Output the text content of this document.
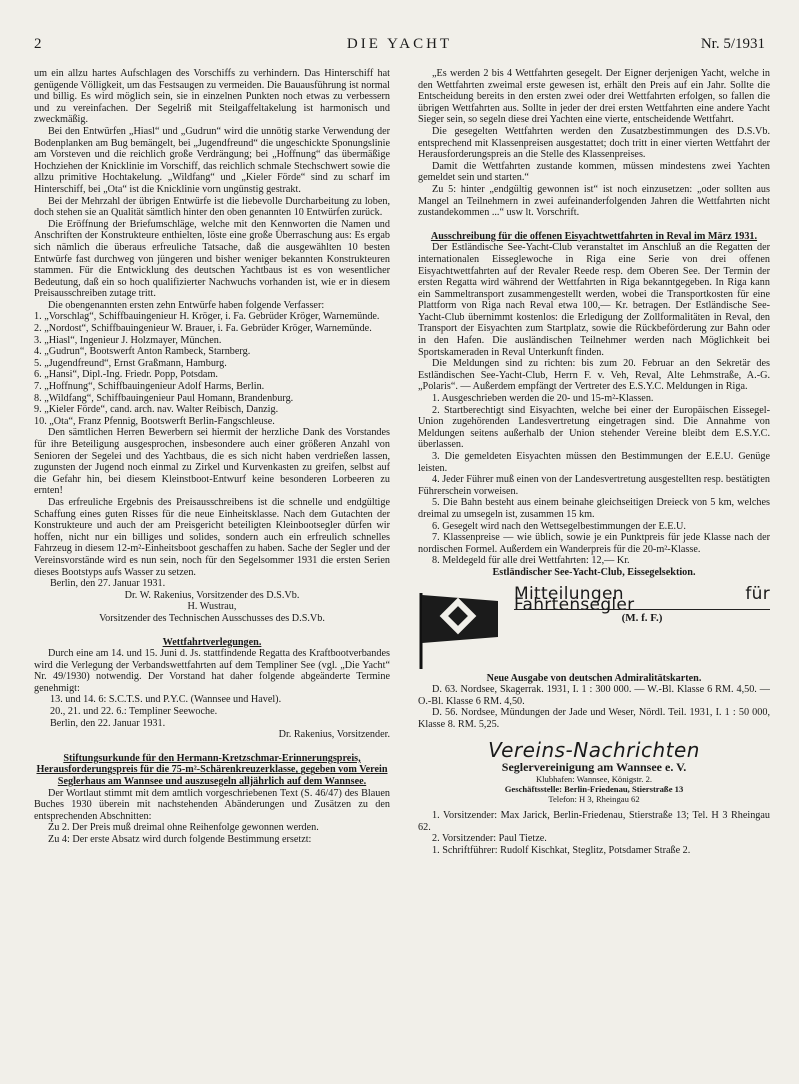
2	DIE YACHT	Nr. 5/1931

um ein allzu hartes Aufschlagen des Vorschiffs zu verhindern. Das Hinterschiff hat genügende Völligkeit, um das Festsaugen zu vermeiden. Die Bauausführung ist normal und billig. Es wird möglich sein, sie in einzelnen Punkten noch etwas zu verbessern und zu vereinfachen. Der Segelriß mit Steilgaffeltakelung ist harmonisch und zweckmäßig.

Bei den Entwürfen „Hiasl“ und „Gudrun“ wird die unnötig starke Verwendung der Bodenplanken am Bug bemängelt, bei „Jugendfreund“ die ungeschickte Sponungslinie am Vorsteven und die reichlich große Verdrängung; bei „Hoffnung“ das übermäßige Hochziehen der Knicklinie im Vorschiff, das reichlich schmale Stechschwert sowie die allzu primitive Hochtakelung. „Wildfang“ und „Kieler Förde“ sind zu scharf im Hinterschiff, bei „Ota“ ist die Knicklinie vorn ungünstig gestrakt.

Bei der Mehrzahl der übrigen Entwürfe ist die liebevolle Durcharbeitung zu loben, doch stehen sie an Qualität sämtlich hinter den oben genannten 10 Entwürfen zurück.

Die Eröffnung der Briefumschläge, welche mit den Kennworten die Namen und Anschriften der Konstrukteure enthielten, löste eine große Überraschung aus: Es ergab sich nämlich die überaus erfreuliche Tatsache, daß die ausgewählten 10 besten Entwürfe fast durchweg von jüngeren und bisher weniger bekannten Konstrukteuren stammen. Für die Entwicklung des deutschen Yachtbaus ist es von wesentlicher Bedeutung, daß ein so hoch qualifizierter Nachwuchs vorhanden ist, wie er in diesem Preisausschreiben zutage tritt.

Die obengenannten ersten zehn Entwürfe haben folgende Verfasser:

1. „Vorschlag“, Schiffbauingenieur H. Kröger, i. Fa. Gebrüder Kröger, Warnemünde.
2. „Nordost“, Schiffbauingenieur W. Brauer, i. Fa. Gebrüder Kröger, Warnemünde.
3. „Hiasl“, Ingenieur J. Holzmayer, München.
4. „Gudrun“, Bootswerft Anton Rambeck, Starnberg.
5. „Jugendfreund“, Ernst Graßmann, Hamburg.
6. „Hansi“, Dipl.-Ing. Friedr. Popp, Potsdam.
7. „Hoffnung“, Schiffbauingenieur Adolf Harms, Berlin.
8. „Wildfang“, Schiffbauingenieur Paul Homann, Brandenburg.
9. „Kieler Förde“, cand. arch. nav. Walter Reibisch, Danzig.
10. „Ota“, Franz Pfennig, Bootswerft Berlin-Fangschleuse.

Den sämtlichen Herren Bewerbern sei hiermit der herzliche Dank des Vorstandes für ihre Beteiligung ausgesprochen, insbesondere auch einer größeren Anzahl von Senioren der Segelei und des Yachtbaus, die es sich nicht haben verdrießen lassen, zugunsten der Jugend noch einmal zu Zirkel und Kurvenkasten zu greifen, selbst auf die Gefahr hin, bei diesem Kleinstboot-Entwurf keine besonderen Lorbeeren zu ernten!

Das erfreuliche Ergebnis des Preisausschreibens ist die schnelle und endgültige Schaffung eines guten Risses für die neue Einheitsklasse. Nach dem Gutachten der Konstrukteure und auch der am Preisgericht beteiligten Kleinbootsegler dürfen wir hoffen, nicht nur ein billiges und solides, sondern auch ein erfreulich schnelles Fahrzeug in diesem 12-m²-Einheitsboot geschaffen zu haben. Sache der Segler und der Vereinsvorstände wird es nun sein, noch für den Segelsommer 1931 die ersten Serien dieses Bootstyps aufs Wasser zu setzen.

Berlin, den 27. Januar 1931.
Dr. W. Rakenius, Vorsitzender des D.S.Vb.
H. Wustrau,
Vorsitzender des Technischen Ausschusses des D.S.Vb.
Wettfahrtverlegungen.

Durch eine am 14. und 15. Juni d. Js. stattfindende Regatta des Kraftbootverbandes wird die Verlegung der Verbandswettfahrten auf dem Templiner See (vgl. „Die Yacht“ Nr. 49/1930) notwendig. Der Vorstand hat daher folgende abgeänderte Termine genehmigt:

13. und 14. 6: S.C.T.S. und P.Y.C. (Wannsee und Havel).
20., 21. und 22. 6.: Templiner Seewoche.
Berlin, den 22. Januar 1931.
Dr. Rakenius, Vorsitzender.
Stiftungsurkunde für den Hermann-Kretzschmar-Erinnerungspreis, Herausforderungspreis für die 75-m²-Schärenkreuzerklasse, gegeben vom Verein Seglerhaus am Wannsee und auszusegeln alljährlich auf dem Wannsee.

Der Wortlaut stimmt mit dem amtlich vorgeschriebenen Text (S. 46/47) des Blauen Buches 1930 überein mit nachstehenden Abänderungen und Zusätzen zu den entsprechenden Abschnitten:

Zu 2. Der Preis muß dreimal ohne Reihenfolge gewonnen werden.

Zu 4: Der erste Absatz wird durch folgende Bestimmung ersetzt:

„Es werden 2 bis 4 Wettfahrten gesegelt. Der Eigner derjenigen Yacht, welche in den Wettfahrten zweimal erste gewesen ist, erhält den Preis auf ein Jahr. Sollte die Entscheidung bereits in den ersten zwei oder drei Wettfahrten erfolgen, so fallen die übrigen Wettfahrten aus. Sollte in jeder der drei ersten Wettfahrten eine andere Yacht Sieger sein, so segeln diese drei Yachten eine vierte, entscheidende Wettfahrt.

Die gesegelten Wettfahrten werden den Zusatzbestimmungen des D.S.Vb. entsprechend mit Klassenpreisen ausgestattet; doch tritt in einer vierten Wettfahrt der Herausforderungspreis an die Stelle des Klassenpreises.

Damit die Wettfahrten zustande kommen, müssen mindestens zwei Yachten gemeldet sein und starten.“

Zu 5: hinter „endgültig gewonnen ist“ ist noch einzusetzen: „oder sollten aus Mangel an Teilnehmern in zwei aufeinanderfolgenden Jahren die Wettfahrten nicht zustandekommen ...“ usw lt. Vorschrift.

Ausschreibung für die offenen Eisyachtwettfahrten in Reval im März 1931.

Der Estländische See-Yacht-Club veranstaltet im Anschluß an die Regatten der internationalen Eisseglewoche in Riga eine Serie von drei offenen Eisyachtwettfahrten auf der Revaler Reede resp. dem Oberen See. Der Termin der ersten Regatta wird während der Wettfahrten in Riga bekanntgegeben. In Riga kann ein Sammeltransport zusammengestellt werden, wobei die Transportkosten für eine Plattform von Riga nach Reval etwa 100,— Kr. betragen. Der Estländische See-Yacht-Club übernimmt kostenlos: die Erledigung der Zollformalitäten in Reval, den Transport der Eisyachten zum Startplatz, sowie die Rückbeförderung zur Bahn oder in den Hafen. Die ausländischen Teilnehmer werden nach Möglichkeit bei Sportskameraden in Reval Unterkunft finden.

Die Meldungen sind zu richten: bis zum 20. Februar an den Sekretär des Estländischen See-Yacht-Club, Herrn F. v. Veh, Reval, Alte Lehmstraße, A.-G. „Polaris“. — Außerdem empfängt der Vertreter des E.S.Y.C. Meldungen in Riga.

1. Ausgeschrieben werden die 20- und 15-m²-Klassen.

2. Startberechtigt sind Eisyachten, welche bei einer der Europäischen Eissegel-Union zugehörenden Landesvertretung eingetragen sind. Die Annahme von Meldungen seitens außerhalb der Union stehender Vereine bleibt dem E.S.Y.C. überlassen.

3. Die gemeldeten Eisyachten müssen den Bestimmungen der E.E.U. Genüge leisten.

4. Jeder Führer muß einen von der Landesvertretung ausgestellten resp. bestätigten Führerschein vorweisen.

5. Die Bahn besteht aus einem beinahe gleichseitigen Dreieck von 5 km, welches dreimal zu umsegeln ist, zusammen 15 km.

6. Gesegelt wird nach den Wettsegelbestimmungen der E.E.U.

7. Klassenpreise — wie üblich, sowie je ein Punktpreis für jede Klasse nach der nordischen Formel. Außerdem ein Wanderpreis für die 20-m²-Klasse.

8. Meldegeld für alle drei Wettfahrten: 12,— Kr.

Estländischer See-Yacht-Club, Eissegelsektion.
Mitteilungen für Fahrtensegler
(M. f. F.)
Neue Ausgabe von deutschen Admiralitätskarten.

D. 63. Nordsee, Skagerrak. 1931, I. 1 : 300 000. — W.-Bl. Klasse 6 RM. 4,50. — O.-Bl. Klasse 6 RM. 4,50.

D. 56. Nordsee, Mündungen der Jade und Weser, Nördl. Teil. 1931, I. 1 : 50 000, Klasse 8. RM. 5,25.

Vereins-Nachrichten
Seglervereinigung am Wannsee e. V.
Klubhafen: Wannsee, Königstr. 2.
Geschäftsstelle: Berlin-Friedenau, Stierstraße 13
Telefon: H 3, Rheingau 62

1. Vorsitzender: Max Jarick, Berlin-Friedenau, Stierstraße 13; Tel. H 3 Rheingau 62.

2. Vorsitzender: Paul Tietze.

1. Schriftführer: Rudolf Kischkat, Steglitz, Potsdamer Straße 2.
